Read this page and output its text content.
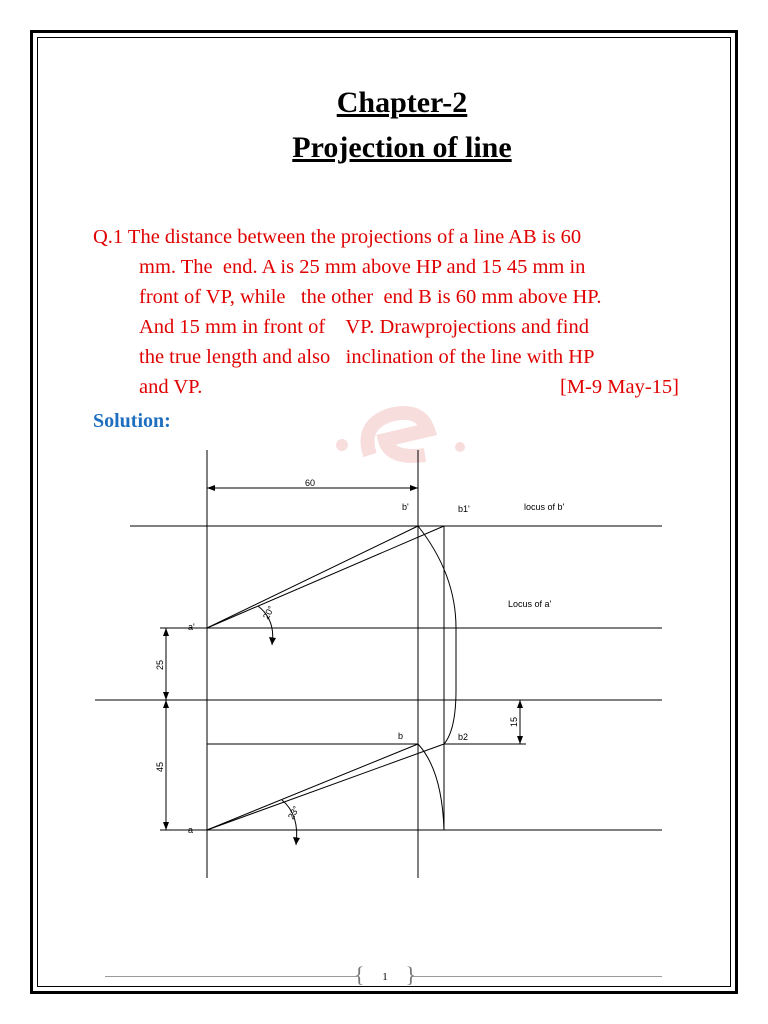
Chapter-2
Projection of line
Q.1 The distance between the projections of a line AB is 60
mm. The  end. A is 25 mm above HP and 15 45 mm in
front of VP, while   the other  end B is 60 mm above HP.
And 15 mm in front of    VP. Drawprojections and find
the true length and also   inclination of the line with HP
and VP.	[M-9 May-15]
Solution:
60
b'	b1'	locus of b'
Locus of a'
a'
b	b2
a
25
45
15
20°
23°
{ 1 }
